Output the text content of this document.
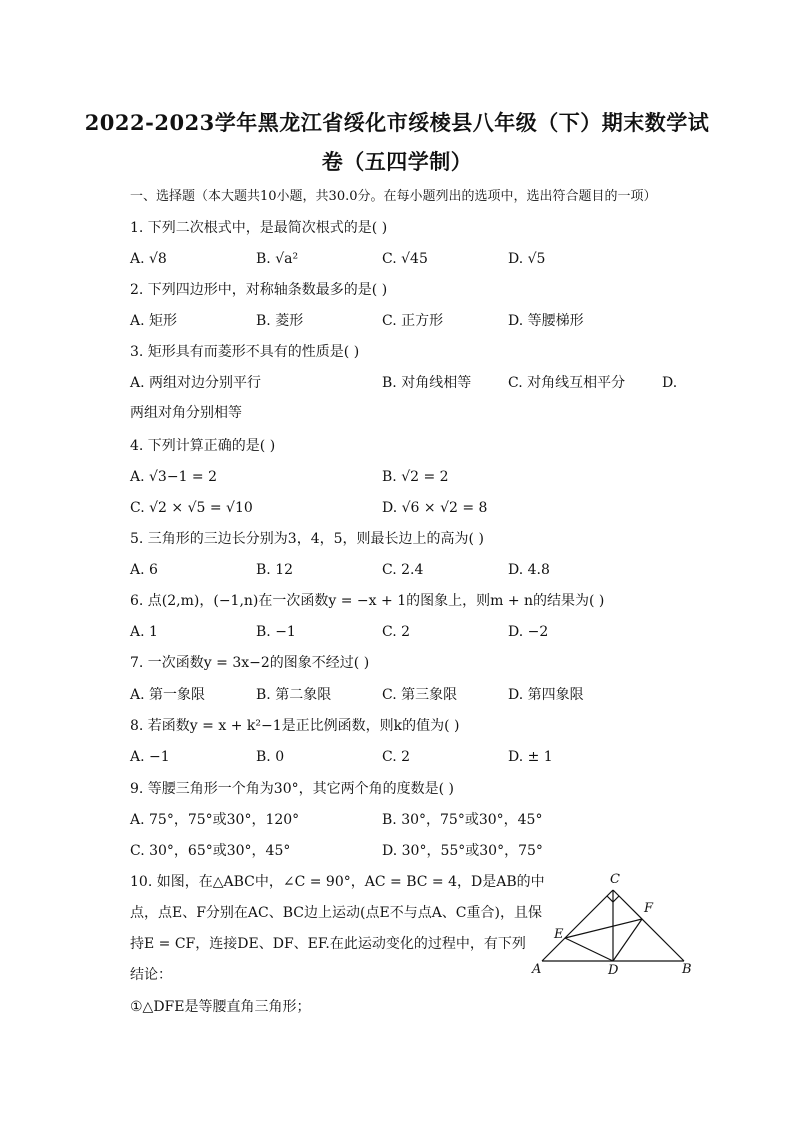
2022-2023学年黑龙江省绥化市绥棱县八年级（下）期末数学试
卷（五四学制）
一、选择题（本大题共10小题，共30.0分。在每小题列出的选项中，选出符合题目的一项）
1. 下列二次根式中，是最简次根式的是( )
A. √8	B. √a²	C. √45	D. √5
2. 下列四边形中，对称轴条数最多的是( )
A. 矩形	B. 菱形	C. 正方形	D. 等腰梯形
3. 矩形具有而菱形不具有的性质是( )
A. 两组对边分别平行	B. 对角线相等	C. 对角线互相平分	D.
两组对角分别相等
4. 下列计算正确的是( )
A. √3−1 = 2	B. √2 = 2
C. √2 × √5 = √10	D. √6 × √2 = 8
5. 三角形的三边长分别为3，4，5，则最长边上的高为( )
A. 6	B. 12	C. 2.4	D. 4.8
6. 点(2,m)，(−1,n)在一次函数y = −x + 1的图象上，则m + n的结果为( )
A. 1	B. −1	C. 2	D. −2
7. 一次函数y = 3x−2的图象不经过( )
A. 第一象限	B. 第二象限	C. 第三象限	D. 第四象限
8. 若函数y = x + k²−1是正比例函数，则k的值为( )
A. −1	B. 0	C. 2	D. ± 1
9. 等腰三角形一个角为30°，其它两个角的度数是( )
A. 75°，75°或30°，120°	B. 30°，75°或30°，45°
C. 30°，65°或30°，45°	D. 30°，55°或30°，75°
10. 如图，在△ABC中，∠C = 90°，AC = BC = 4，D是AB的中
点，点E、F分别在AC、BC边上运动(点E不与点A、C重合)，且保
持E = CF，连接DE、DF、EF.在此运动变化的过程中，有下列
结论：
①△DFE是等腰直角三角形；
C
F
E
A	D	B
